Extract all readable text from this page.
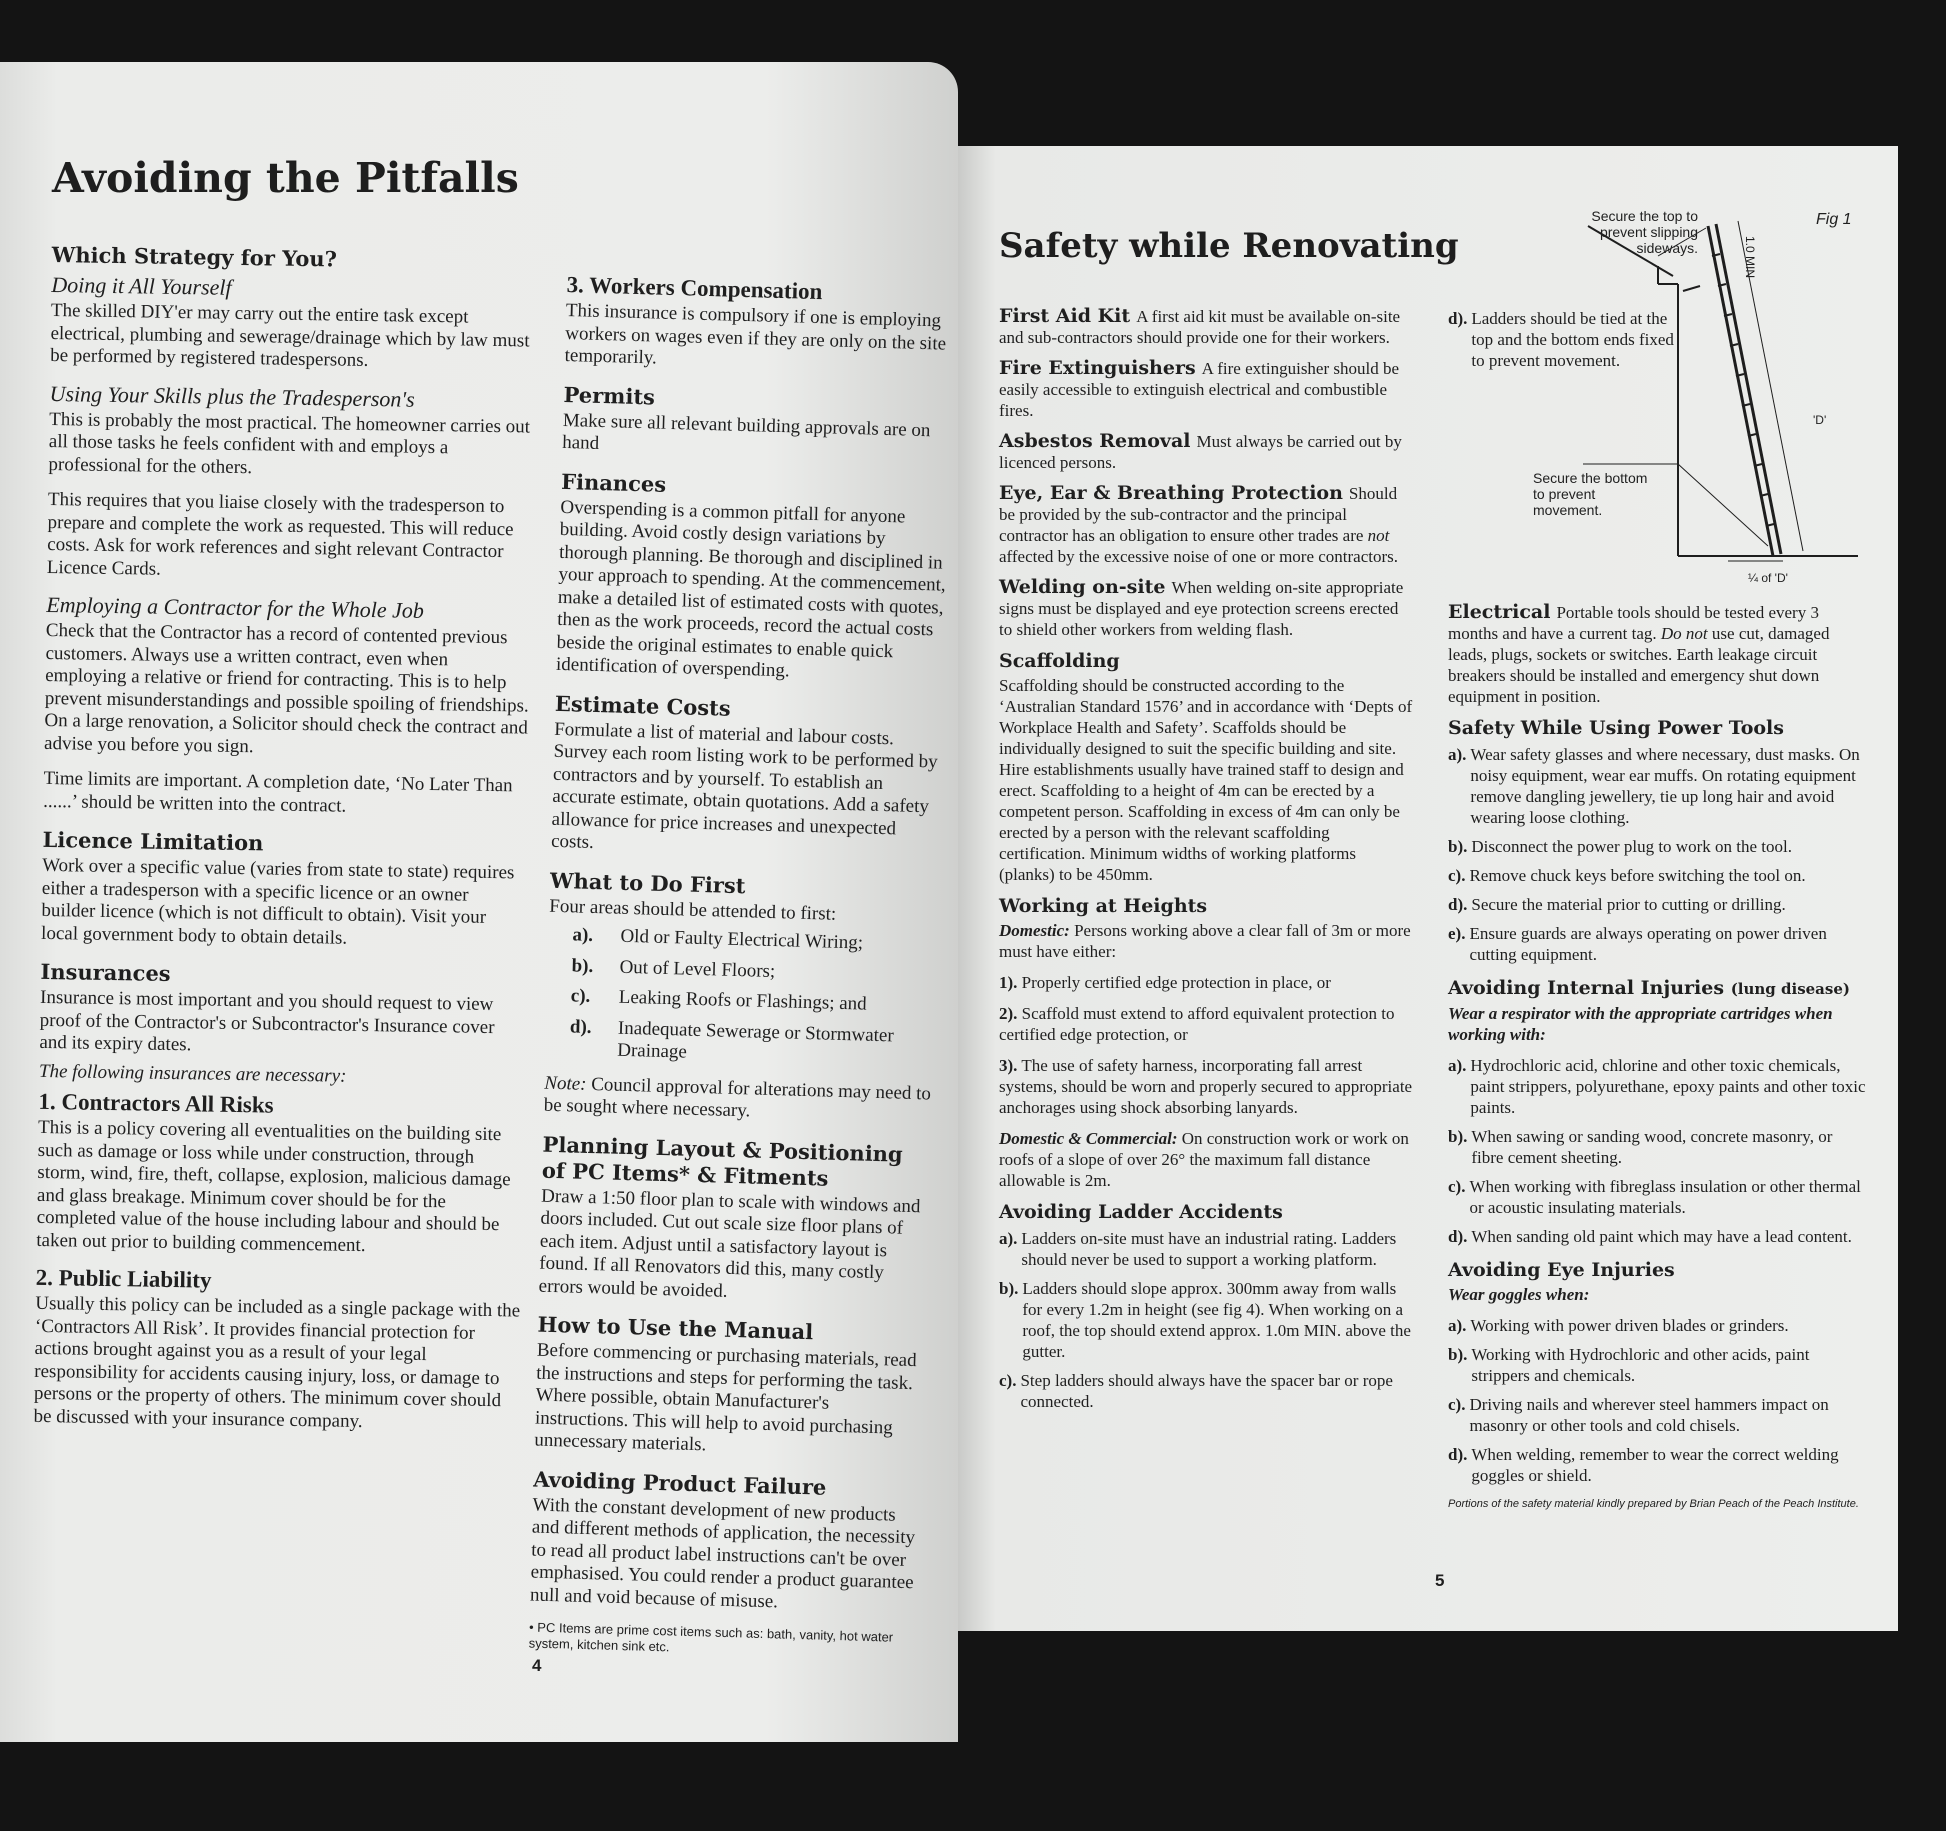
Avoiding the Pitfalls
Which Strategy for You?
Doing it All Yourself

The skilled DIY'er may carry out the entire task except electrical, plumbing and sewerage/drainage which by law must be performed by registered tradespersons.

Using Your Skills plus the Tradesperson's

This is probably the most practical. The homeowner carries out all those tasks he feels confident with and employs a professional for the others.

This requires that you liaise closely with the tradesperson to prepare and complete the work as requested. This will reduce costs. Ask for work references and sight relevant Contractor Licence Cards.

Employing a Contractor for the Whole Job

Check that the Contractor has a record of contented previous customers. Always use a written contract, even when employing a relative or friend for contracting. This is to help prevent misunderstandings and possible spoiling of friendships. On a large renovation, a Solicitor should check the contract and advise you before you sign.

Time limits are important. A completion date, ‘No Later Than ......’ should be written into the contract.

Licence Limitation

Work over a specific value (varies from state to state) requires either a tradesperson with a specific licence or an owner builder licence (which is not difficult to obtain). Visit your local government body to obtain details.

Insurances

Insurance is most important and you should request to view proof of the Contractor's or Subcontractor's Insurance cover and its expiry dates.

The following insurances are necessary:
1. Contractors All Risks

This is a policy covering all eventualities on the building site such as damage or loss while under construction, through storm, wind, fire, theft, collapse, explosion, malicious damage and glass breakage. Minimum cover should be for the completed value of the house including labour and should be taken out prior to building commencement.

2. Public Liability

Usually this policy can be included as a single package with the ‘Contractors All Risk’. It provides financial protection for actions brought against you as a result of your legal responsibility for accidents causing injury, loss, or damage to persons or the property of others. The minimum cover should be discussed with your insurance company.

3. Workers Compensation

This insurance is compulsory if one is employing workers on wages even if they are only on the site temporarily.

Permits

Make sure all relevant building approvals are on hand

Finances

Overspending is a common pitfall for anyone building. Avoid costly design variations by thorough planning. Be thorough and disciplined in your approach to spending. At the commencement, make a detailed list of estimated costs with quotes, then as the work proceeds, record the actual costs beside the original estimates to enable quick identification of overspending.

Estimate Costs

Formulate a list of material and labour costs. Survey each room listing work to be performed by contractors and by yourself. To establish an accurate estimate, obtain quotations. Add a safety allowance for price increases and unexpected costs.

What to Do First

Four areas should be attended to first:

a).	Old or Faulty Electrical Wiring;
b).	Out of Level Floors;
c).	Leaking Roofs or Flashings; and
d).	Inadequate Sewerage or Stormwater Drainage

Note: Council approval for alterations may need to be sought where necessary.

Planning Layout & Positioning of PC Items* & Fitments

Draw a 1:50 floor plan to scale with windows and doors included. Cut out scale size floor plans of each item. Adjust until a satisfactory layout is found. If all Renovators did this, many costly errors would be avoided.

How to Use the Manual

Before commencing or purchasing materials, read the instructions and steps for performing the task. Where possible, obtain Manufacturer's instructions. This will help to avoid purchasing unnecessary materials.

Avoiding Product Failure

With the constant development of new products and different methods of application, the necessity to read all product label instructions can't be over emphasised. You could render a product guarantee null and void because of misuse.

• PC Items are prime cost items such as: bath, vanity, hot water system, kitchen sink etc.
4
Safety while Renovating

First Aid Kit A first aid kit must be available on-site and sub-contractors should provide one for their workers.

Fire Extinguishers A fire extinguisher should be easily accessible to extinguish electrical and combustible fires.

Asbestos Removal Must always be carried out by licenced persons.

Eye, Ear & Breathing Protection Should be provided by the sub-contractor and the principal contractor has an obligation to ensure other trades are not affected by the excessive noise of one or more contractors.

Welding on-site When welding on-site appropriate signs must be displayed and eye protection screens erected to shield other workers from welding flash.

Scaffolding

Scaffolding should be constructed according to the ‘Australian Standard 1576’ and in accordance with ‘Depts of Workplace Health and Safety’. Scaffolds should be individually designed to suit the specific building and site. Hire establishments usually have trained staff to design and erect. Scaffolding to a height of 4m can be erected by a competent person. Scaffolding in excess of 4m can only be erected by a person with the relevant scaffolding certification. Minimum widths of working platforms (planks) to be 450mm.

Working at Heights

Domestic: Persons working above a clear fall of 3m or more must have either:

1). Properly certified edge protection in place, or

2). Scaffold must extend to afford equivalent protection to certified edge protection, or

3). The use of safety harness, incorporating fall arrest systems, should be worn and properly secured to appropriate anchorages using shock absorbing lanyards.

Domestic & Commercial: On construction work or work on roofs of a slope of over 26° the maximum fall distance allowable is 2m.

Avoiding Ladder Accidents
a). Ladders on-site must have an industrial rating. Ladders should never be used to support a working platform.
b). Ladders should slope approx. 300mm away from walls for every 1.2m in height (see fig 4). When working on a roof, the top should extend approx. 1.0m MIN. above the gutter.
c). Step ladders should always have the spacer bar or rope connected.
d). Ladders should be tied at the top and the bottom ends fixed to prevent movement.
Secure the top to prevent slipping sideways.
Fig 1
1.0 MIN
'D'
Secure the bottom to prevent movement.
¼ of 'D'

Electrical Portable tools should be tested every 3 months and have a current tag. Do not use cut, damaged leads, plugs, sockets or switches. Earth leakage circuit breakers should be installed and emergency shut down equipment in position.

Safety While Using Power Tools
a). Wear safety glasses and where necessary, dust masks. On noisy equipment, wear ear muffs. On rotating equipment remove dangling jewellery, tie up long hair and avoid wearing loose clothing.
b). Disconnect the power plug to work on the tool.
c). Remove chuck keys before switching the tool on.
d). Secure the material prior to cutting or drilling.
e). Ensure guards are always operating on power driven cutting equipment.
Avoiding Internal Injuries (lung disease)

Wear a respirator with the appropriate cartridges when working with:

a). Hydrochloric acid, chlorine and other toxic chemicals, paint strippers, polyurethane, epoxy paints and other toxic paints.
b). When sawing or sanding wood, concrete masonry, or fibre cement sheeting.
c). When working with fibreglass insulation or other thermal or acoustic insulating materials.
d). When sanding old paint which may have a lead content.
Avoiding Eye Injuries

Wear goggles when:

a). Working with power driven blades or grinders.
b). Working with Hydrochloric and other acids, paint strippers and chemicals.
c). Driving nails and wherever steel hammers impact on masonry or other tools and cold chisels.
d). When welding, remember to wear the correct welding goggles or shield.
Portions of the safety material kindly prepared by Brian Peach of the Peach Institute.
5
